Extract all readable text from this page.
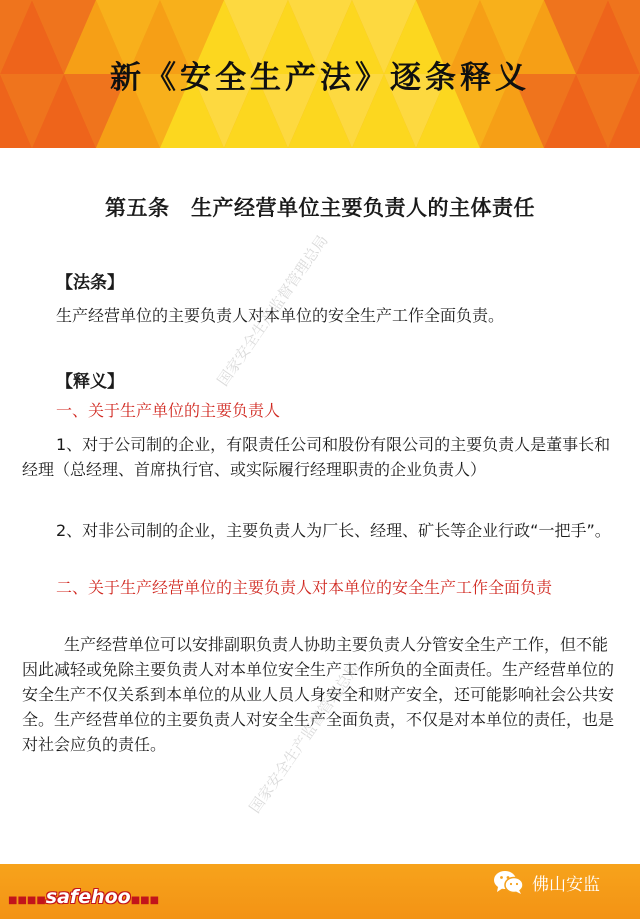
新《安全生产法》逐条释义
第五条　生产经营单位主要负责人的主体责任
【法条】
生产经营单位的主要负责人对本单位的安全生产工作全面负责。
【释义】
一、关于生产单位的主要负责人
1、对于公司制的企业，有限责任公司和股份有限公司的主要负责人是董事长和经理（总经理、首席执行官、或实际履行经理职责的企业负责人）
2、对非公司制的企业，主要负责人为厂长、经理、矿长等企业行政“一把手”。
二、关于生产经营单位的主要负责人对本单位的安全生产工作全面负责
生产经营单位可以安排副职负责人协助主要负责人分管安全生产工作，但不能因此减轻或免除主要负责人对本单位安全生产工作所负的全面责任。生产经营单位的安全生产不仅关系到本单位的从业人员人身安全和财产安全，还可能影响社会公共安全。生产经营单位的主要负责人对安全生产全面负责，不仅是对本单位的责任，也是对社会应负的责任。
国家安全生产监督管理总局
国家安全生产监督管理总局
■■■■safehoo■■■
佛山安监
